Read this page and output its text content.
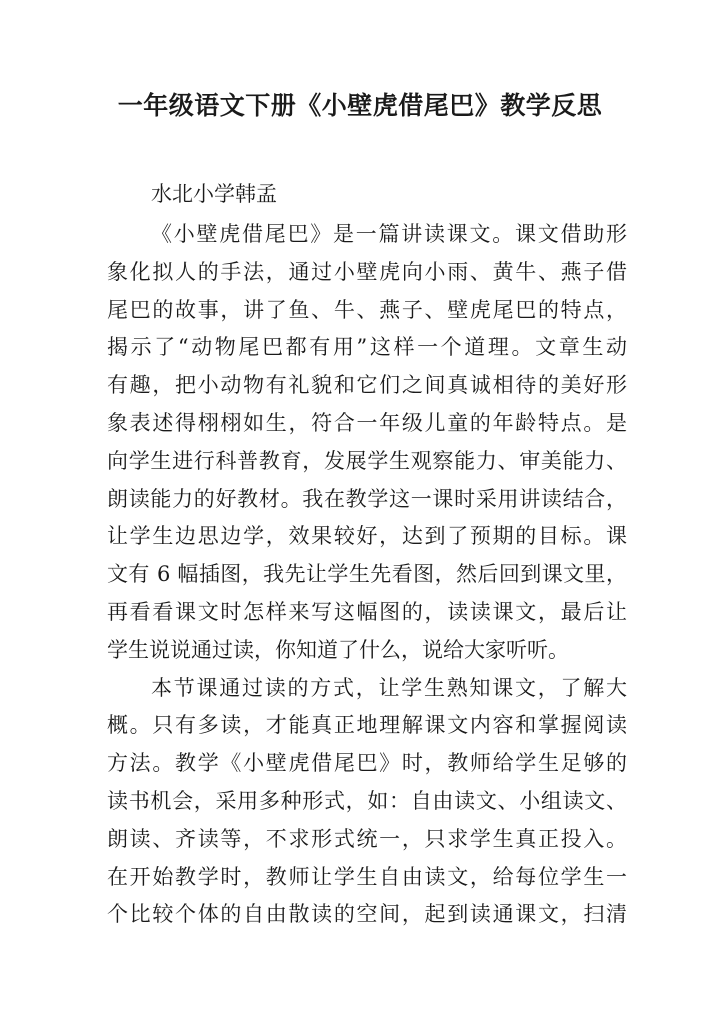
一年级语文下册《小壁虎借尾巴》教学反思

水北小学韩孟

《小壁虎借尾巴》是一篇讲读课文。课文借助形
象化拟人的手法，通过小壁虎向小雨、黄牛、燕子借
尾巴的故事，讲了鱼、牛、燕子、壁虎尾巴的特点，
揭示了“动物尾巴都有用”这样一个道理。文章生动
有趣，把小动物有礼貌和它们之间真诚相待的美好形
象表述得栩栩如生，符合一年级儿童的年龄特点。是
向学生进行科普教育，发展学生观察能力、审美能力、
朗读能力的好教材。我在教学这一课时采用讲读结合，
让学生边思边学，效果较好，达到了预期的目标。课
文有 6 幅插图，我先让学生先看图，然后回到课文里，
再看看课文时怎样来写这幅图的，读读课文，最后让
学生说说通过读，你知道了什么，说给大家听听。

本节课通过读的方式，让学生熟知课文，了解大
概。只有多读，才能真正地理解课文内容和掌握阅读
方法。教学《小壁虎借尾巴》时，教师给学生足够的
读书机会，采用多种形式，如：自由读文、小组读文、
朗读、齐读等，不求形式统一，只求学生真正投入。
在开始教学时，教师让学生自由读文，给每位学生一
个比较个体的自由散读的空间，起到读通课文，扫清
